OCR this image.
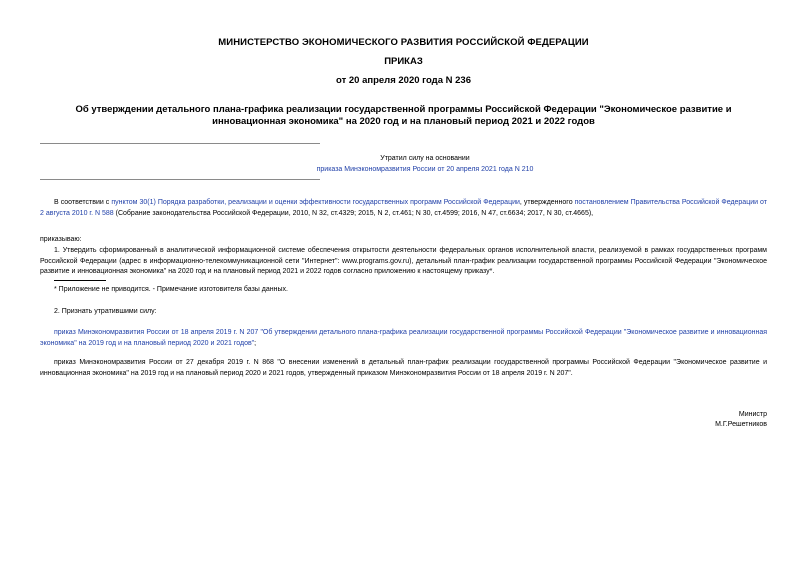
МИНИСТЕРСТВО ЭКОНОМИЧЕСКОГО РАЗВИТИЯ РОССИЙСКОЙ ФЕДЕРАЦИИ
ПРИКАЗ
от 20 апреля 2020 года N 236
Об утверждении детального плана-графика реализации государственной программы Российской Федерации "Экономическое развитие и инновационная экономика" на 2020 год и на плановый период 2021 и 2022 годов
Утратил силу на основании
приказа Минэкономразвития России от 20 апреля 2021 года N 210
В соответствии с пунктом 30(1) Порядка разработки, реализации и оценки эффективности государственных программ Российской Федерации, утвержденного постановлением Правительства Российской Федерации от 2 августа 2010 г. N 588 (Собрание законодательства Российской Федерации, 2010, N 32, ст.4329; 2015, N 2, ст.461; N 30, ст.4599; 2016, N 47, ст.6634; 2017, N 30, ст.4665),
приказываю:
1. Утвердить сформированный в аналитической информационной системе обеспечения открытости деятельности федеральных органов исполнительной власти, реализуемой в рамках государственных программ Российской Федерации (адрес в информационно-телекоммуникационной сети "Интернет": www.programs.gov.ru), детальный план-график реализации государственной программы Российской Федерации "Экономическое развитие и инновационная экономика" на 2020 год и на плановый период 2021 и 2022 годов согласно приложению к настоящему приказу*.
* Приложение не приводится. - Примечание изготовителя базы данных.
2. Признать утратившими силу:
приказ Минэкономразвития России от 18 апреля 2019 г. N 207 "Об утверждении детального плана-графика реализации государственной программы Российской Федерации "Экономическое развитие и инновационная экономика" на 2019 год и на плановый период 2020 и 2021 годов";
приказ Минэкономразвития России от 27 декабря 2019 г. N 868 "О внесении изменений в детальный план-график реализации государственной программы Российской Федерации "Экономическое развитие и инновационная экономика" на 2019 год и на плановый период 2020 и 2021 годов, утвержденный приказом Минэкономразвития России от 18 апреля 2019 г. N 207".
Министр
М.Г.Решетников
